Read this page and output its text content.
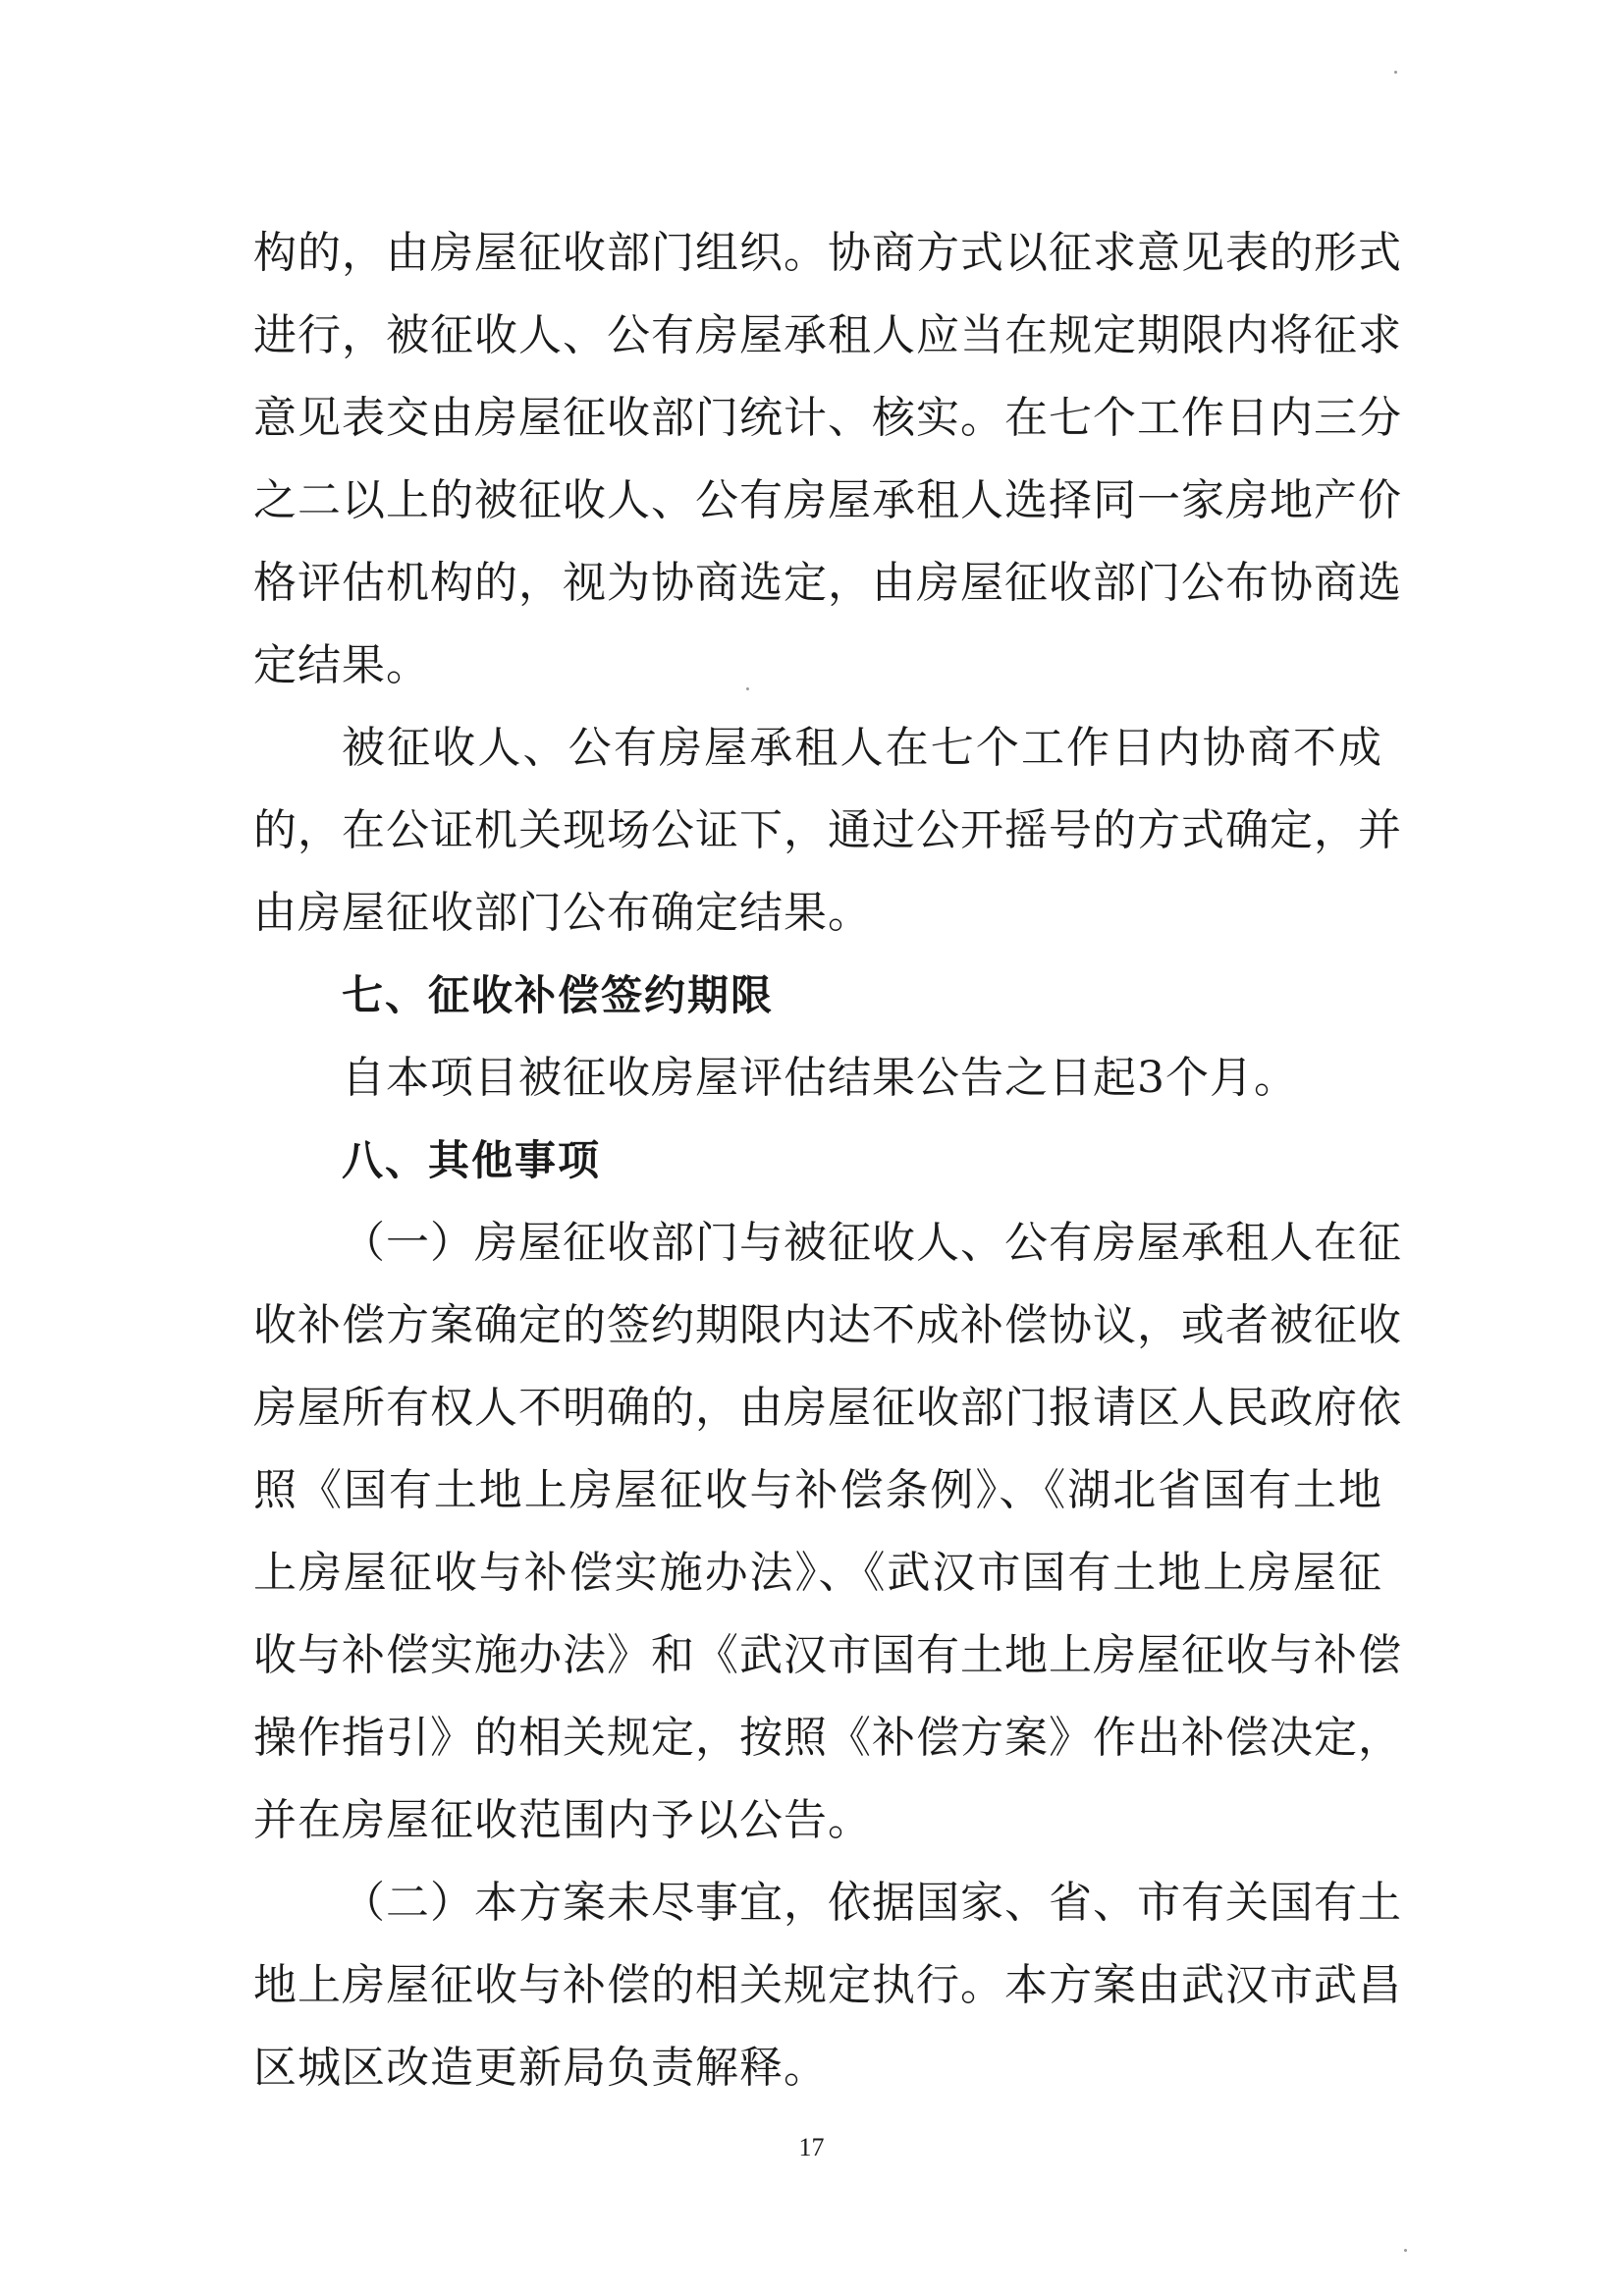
构的，由房屋征收部门组织。协商方式以征求意见表的形式
进行，被征收人、公有房屋承租人应当在规定期限内将征求
意见表交由房屋征收部门统计、核实。在七个工作日内三分
之二以上的被征收人、公有房屋承租人选择同一家房地产价
格评估机构的，视为协商选定，由房屋征收部门公布协商选
定结果。
被征收人、公有房屋承租人在七个工作日内协商不成
的，在公证机关现场公证下，通过公开摇号的方式确定，并
由房屋征收部门公布确定结果。
七、征收补偿签约期限
自本项目被征收房屋评估结果公告之日起3个月。
八、其他事项
（一）房屋征收部门与被征收人、公有房屋承租人在征
收补偿方案确定的签约期限内达不成补偿协议，或者被征收
房屋所有权人不明确的，由房屋征收部门报请区人民政府依
照《国有土地上房屋征收与补偿条例》、《湖北省国有土地
上房屋征收与补偿实施办法》、《武汉市国有土地上房屋征
收与补偿实施办法》和《武汉市国有土地上房屋征收与补偿
操作指引》的相关规定，按照《补偿方案》作出补偿决定，
并在房屋征收范围内予以公告。
（二）本方案未尽事宜，依据国家、省、市有关国有土
地上房屋征收与补偿的相关规定执行。本方案由武汉市武昌
区城区改造更新局负责解释。
17
